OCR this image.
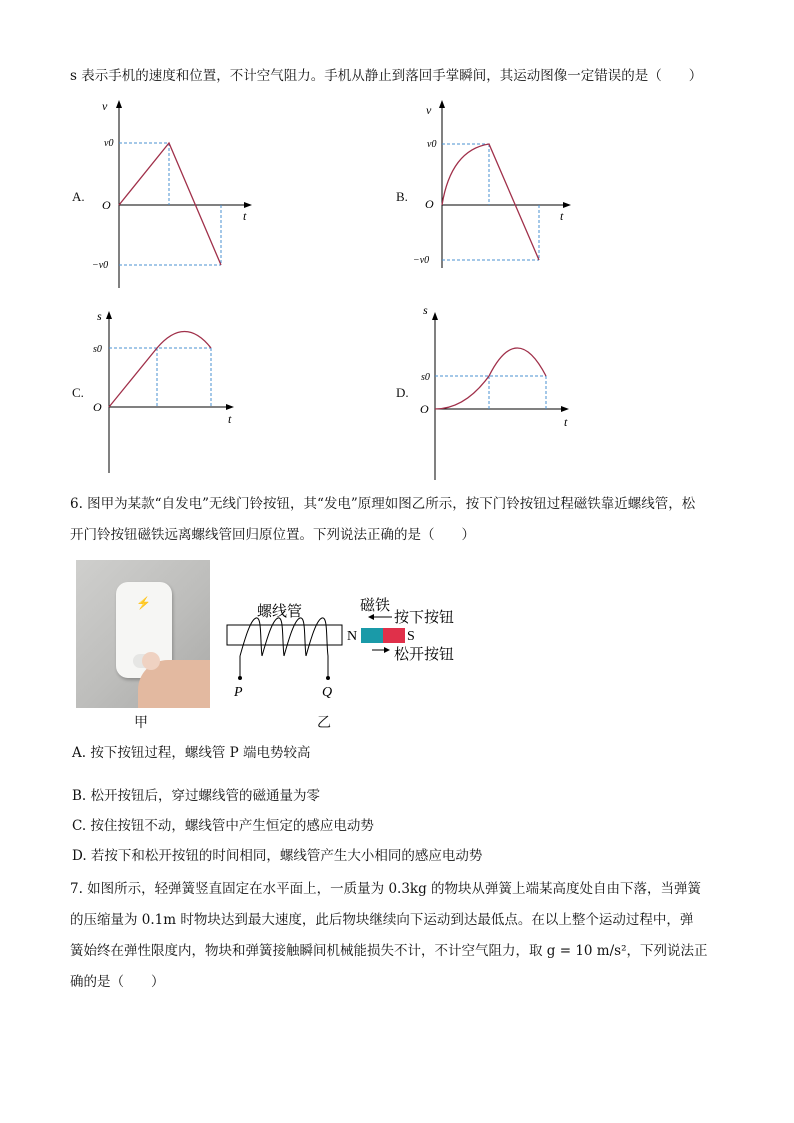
s 表示手机的速度和位置，不计空气阻力。手机从静止到落回手掌瞬间，其运动图像一定错误的是（　　）
A.	B.
C.	D.
v
v0
O
t
−v0
v
v0
O
t
−v0
s
s0
O
t
s
s0
O
t
6. 图甲为某款“自发电”无线门铃按钮，其“发电”原理如图乙所示，按下门铃按钮过程磁铁靠近螺线管，松
开门铃按钮磁铁远离螺线管回归原位置。下列说法正确的是（　　）
⚡
甲
螺线管
P	Q
N	S
磁铁
按下按钮
松开按钮
乙
A. 按下按钮过程，螺线管 P 端电势较高
B. 松开按钮后，穿过螺线管的磁通量为零
C. 按住按钮不动，螺线管中产生恒定的感应电动势
D. 若按下和松开按钮的时间相同，螺线管产生大小相同的感应电动势
7. 如图所示，轻弹簧竖直固定在水平面上，一质量为 0.3kg 的物块从弹簧上端某高度处自由下落，当弹簧
的压缩量为 0.1m 时物块达到最大速度，此后物块继续向下运动到达最低点。在以上整个运动过程中，弹
簧始终在弹性限度内，物块和弹簧接触瞬间机械能损失不计，不计空气阻力，取 g = 10 m/s²，下列说法正
确的是（　　）
